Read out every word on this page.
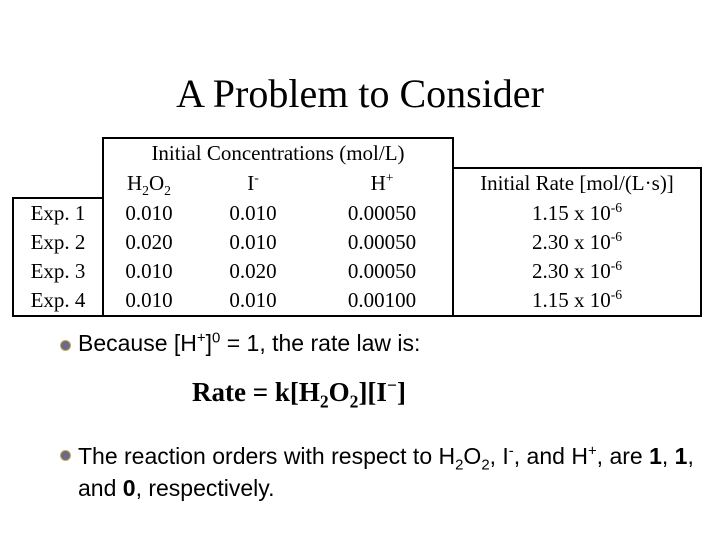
A Problem to Consider
	Initial Concentrations (mol/L)			
	$H_2O_2$	I-	H+	Initial Rate [mol/(L·s)]
Exp. 1	0.010	0.010	0.00050	1.15 x $10^{-6}$
Exp. 2	0.020	0.010	0.00050	2.30 x $10^{-6}$
Exp. 3	0.010	0.020	0.00050	2.30 x $10^{-6}$
Exp. 4	0.010	0.010	0.00100	1.15 x $10^{-6}$
Because $[H^+]^0 = 1$, the rate law is:
Rate = $k[H_2O_2][I^-]$
The reaction orders with respect to $H_2O_2$, I-, and H+, are 1, 1, and 0, respectively.
